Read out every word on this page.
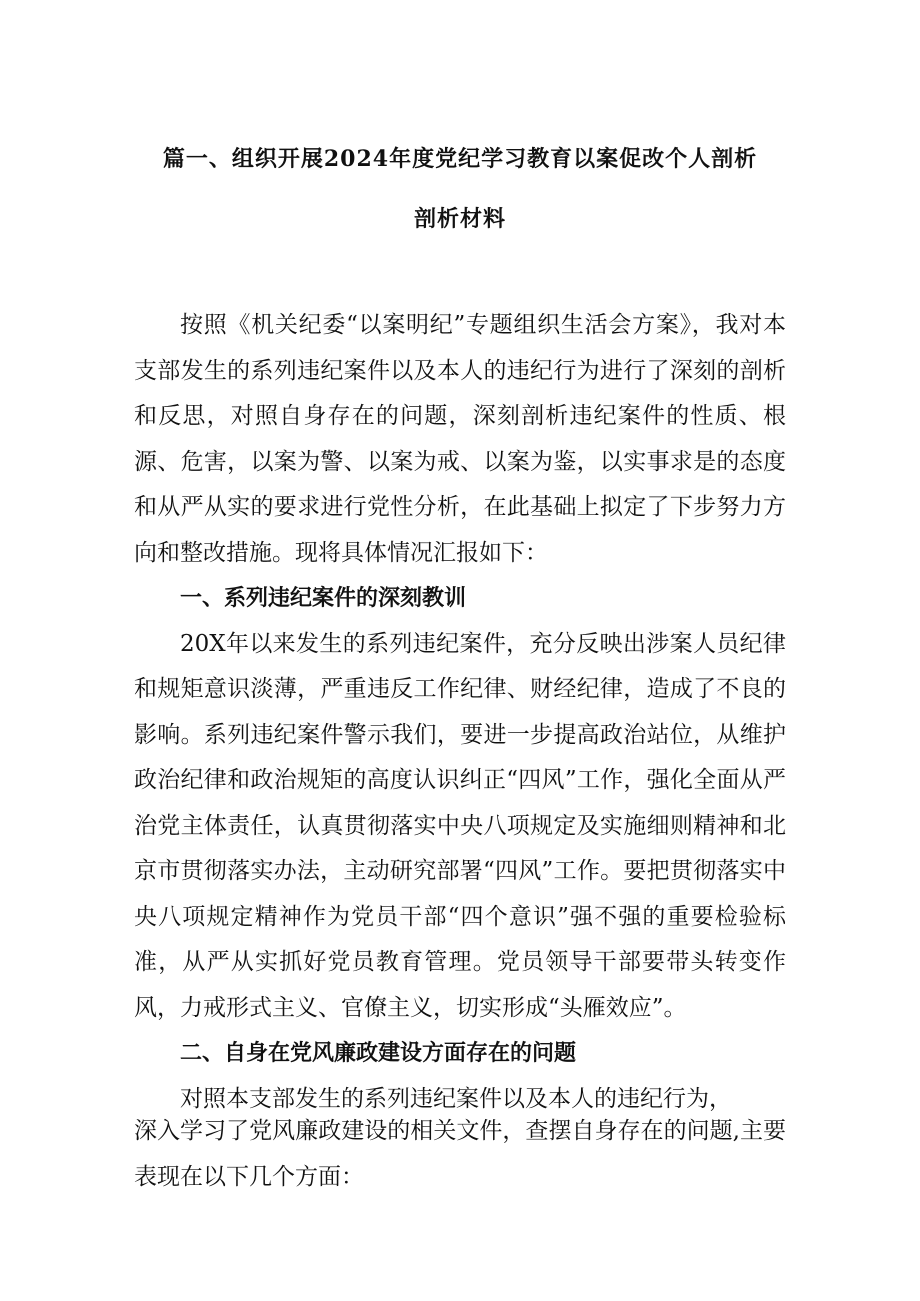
篇一、组织开展2024年度党纪学习教育以案促改个人剖析
剖析材料

按照《机关纪委“以案明纪”专题组织生活会方案》，我对本支部发生的系列违纪案件以及本人的违纪行为进行了深刻的剖析和反思，对照自身存在的问题，深刻剖析违纪案件的性质、根源、危害，以案为警、以案为戒、以案为鉴，以实事求是的态度和从严从实的要求进行党性分析，在此基础上拟定了下步努力方向和整改措施。现将具体情况汇报如下：

一、系列违纪案件的深刻教训

20X年以来发生的系列违纪案件，充分反映出涉案人员纪律和规矩意识淡薄，严重违反工作纪律、财经纪律，造成了不良的影响。系列违纪案件警示我们，要进一步提高政治站位，从维护政治纪律和政治规矩的高度认识纠正“四风”工作，强化全面从严治党主体责任，认真贯彻落实中央八项规定及实施细则精神和北京市贯彻落实办法，主动研究部署“四风”工作。要把贯彻落实中央八项规定精神作为党员干部“四个意识”强不强的重要检验标准，从严从实抓好党员教育管理。党员领导干部要带头转变作风，力戒形式主义、官僚主义，切实形成“头雁效应”。

二、自身在党风廉政建设方面存在的问题

对照本支部发生的系列违纪案件以及本人的违纪行为，

深入学习了党风廉政建设的相关文件，查摆自身存在的问题,主要表现在以下几个方面：
